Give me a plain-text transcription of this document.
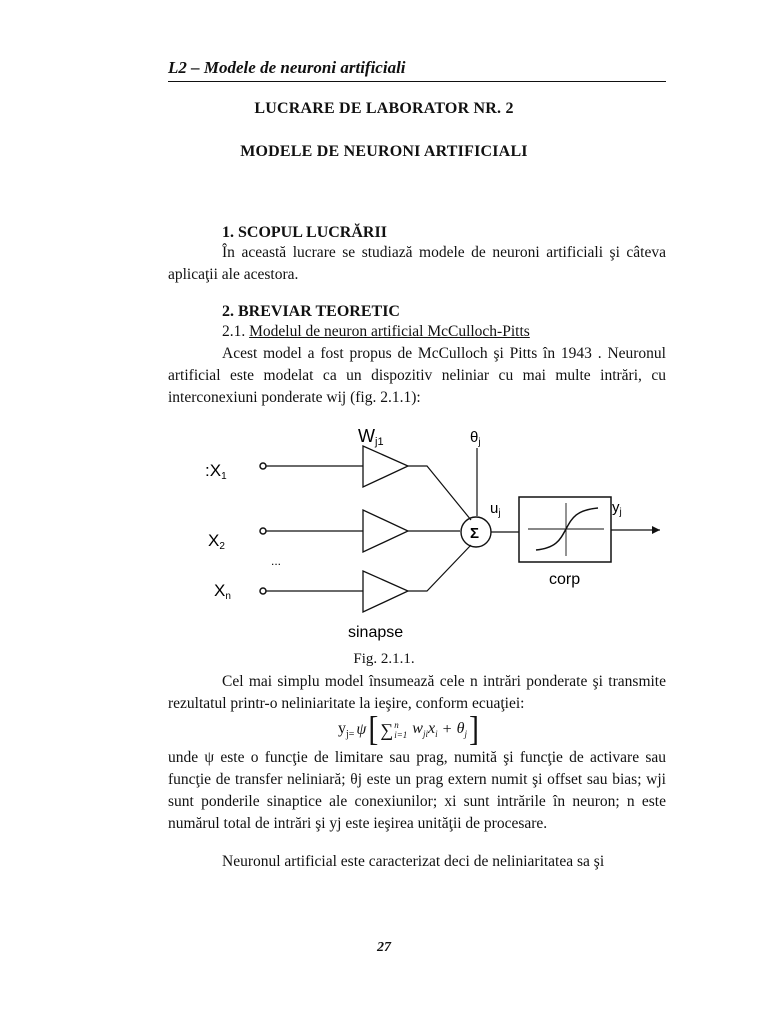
L2 – Modele de neuroni artificiali
LUCRARE DE LABORATOR NR. 2
MODELE DE NEURONI ARTIFICIALI
1. SCOPUL LUCRĂRII
În această lucrare se studiază modele de neuroni artificiali şi câteva aplicaţii ale acestora.
2. BREVIAR TEORETIC
2.1. Modelul de neuron artificial McCulloch-Pitts
Acest model a fost propus de McCulloch şi Pitts în 1943 . Neuronul artificial este modelat ca un dispozitiv neliniar cu mai multe intrări, cu interconexiuni ponderate wij (fig. 2.1.1):
Wj1	$\theta_j$
:X1
X2
Xn
...
$u_j$	$y_j$
corp
sinapse
Σ
Fig. 2.1.1.
Cel mai simplu model însumează cele n intrări ponderate şi transmite rezultatul printr-o neliniaritate la ieşire, conform ecuaţiei:
$y_{j=}$ ψ [ ∑ n
i=1 $w_{ji}x_i + \theta_j$ ]
unde ψ este o funcţie de limitare sau prag, numită şi funcţie de activare sau funcţie de transfer neliniară; θj este un prag extern numit şi offset sau bias; wji sunt ponderile sinaptice ale conexiunilor; xi sunt intrările în neuron; n este numărul total de intrări şi yj este ieşirea unităţii de procesare.
Neuronul artificial este caracterizat deci de neliniaritatea sa şi
27
